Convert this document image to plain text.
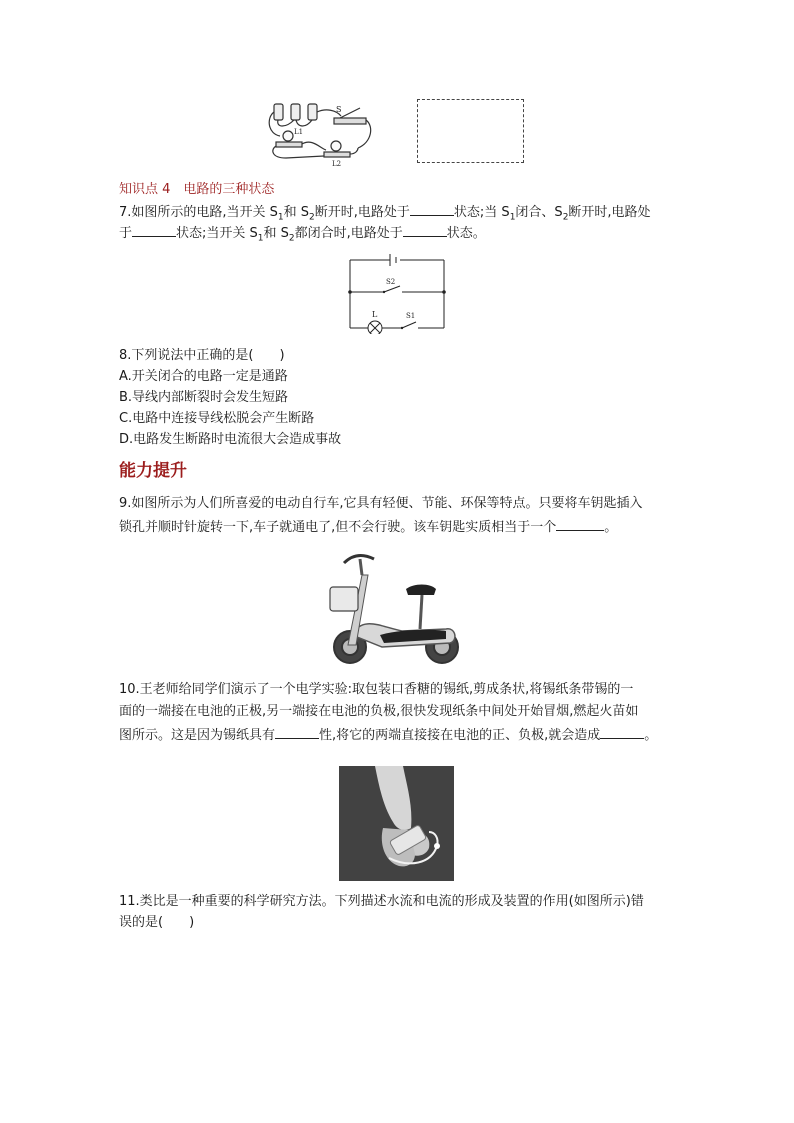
S
L1
L2
知识点 4　电路的三种状态
7.如图所示的电路,当开关 $S_1$和 $S_2$断开时,电路处于	状态;当 $S_1$闭合、$S_2$断开时,电路处
于	状态;当开关 $S_1$和 $S_2$都闭合时,电路处于	状态。
S2
L	S1
8.下列说法中正确的是(　　)
A.开关闭合的电路一定是通路
B.导线内部断裂时会发生短路
C.电路中连接导线松脱会产生断路
D.电路发生断路时电流很大会造成事故
能力提升
9.如图所示为人们所喜爱的电动自行车,它具有轻便、节能、环保等特点。只要将车钥匙插入
锁孔并顺时针旋转一下,车子就通电了,但不会行驶。该车钥匙实质相当于一个	。
10.王老师给同学们演示了一个电学实验:取包装口香糖的锡纸,剪成条状,将锡纸条带锡的一
面的一端接在电池的正极,另一端接在电池的负极,很快发现纸条中间处开始冒烟,燃起火苗如
图所示。这是因为锡纸具有	性,将它的两端直接接在电池的正、负极,就会造成	。
11.类比是一种重要的科学研究方法。下列描述水流和电流的形成及装置的作用(如图所示)错
误的是(　　)
